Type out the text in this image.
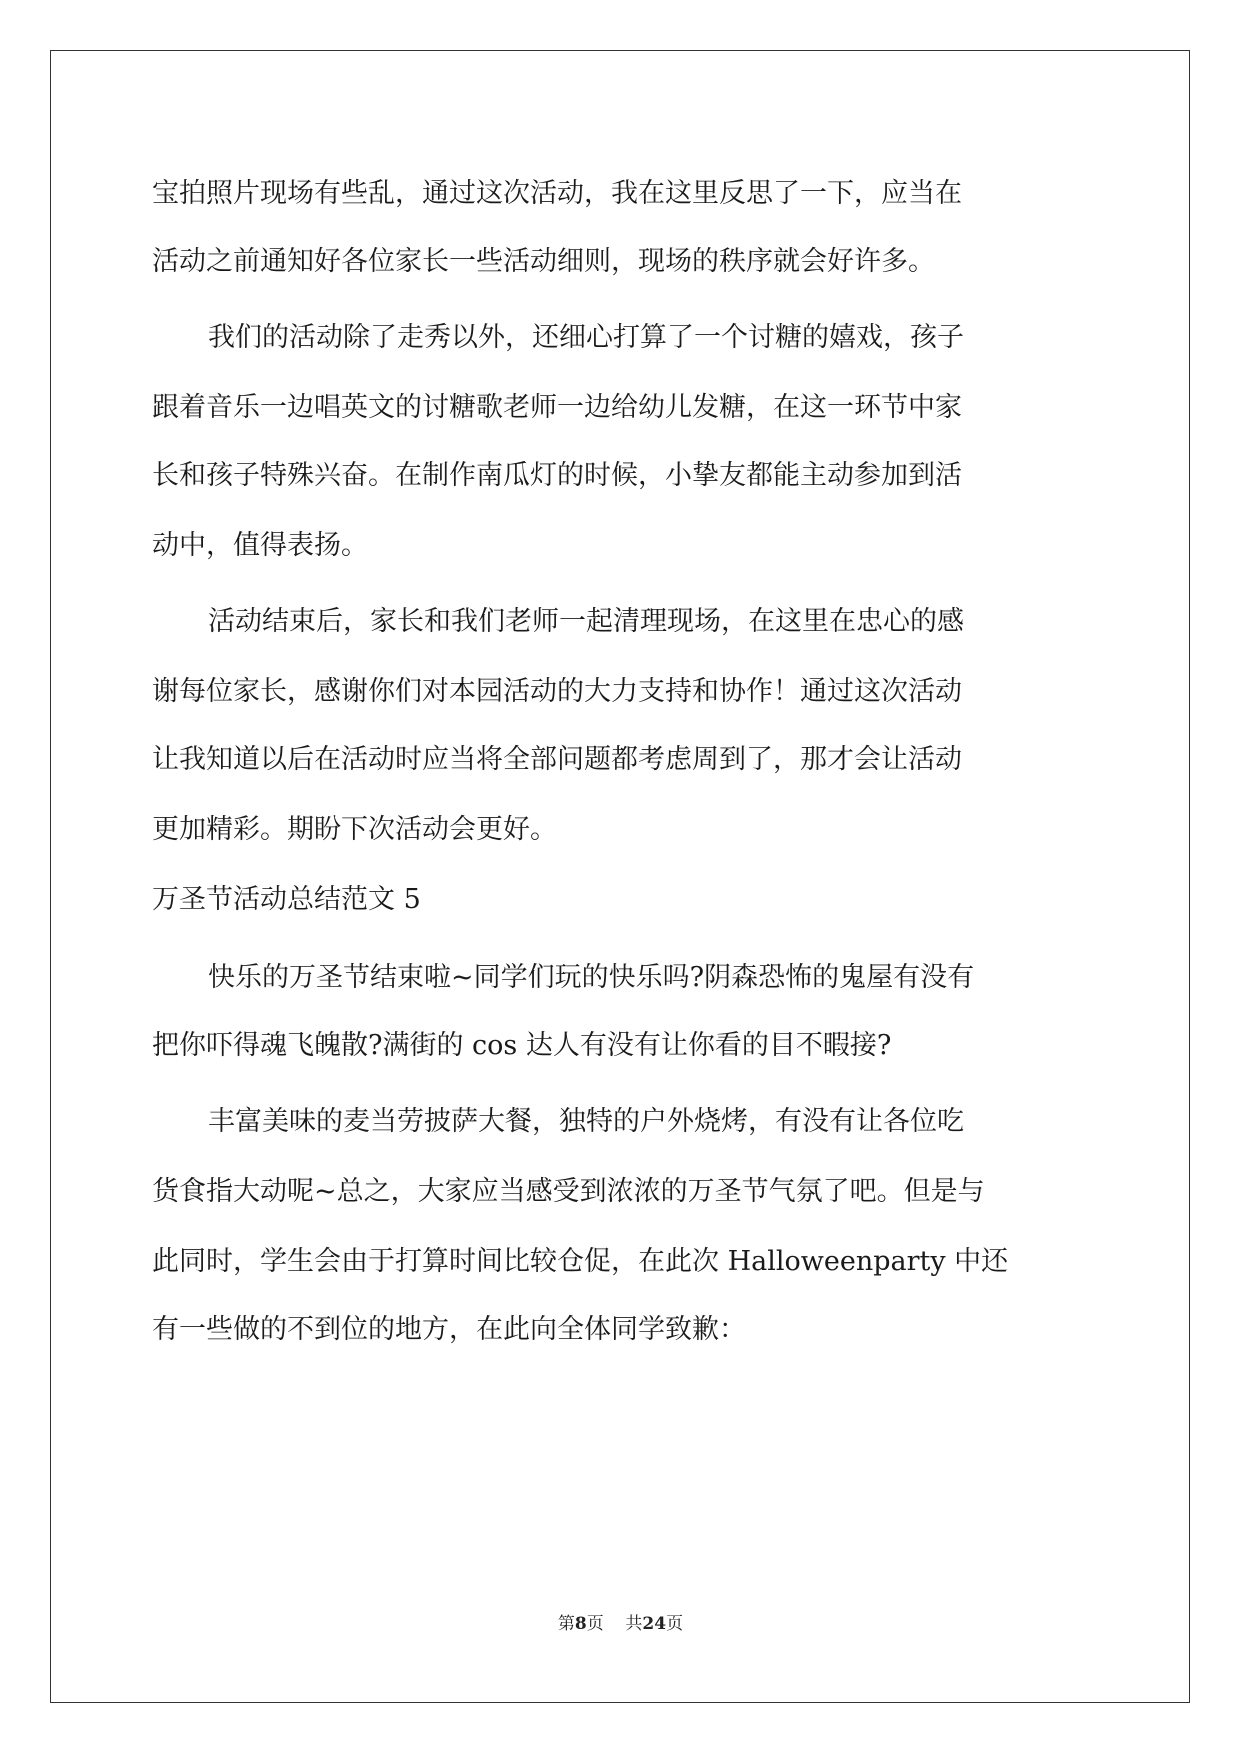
宝拍照片现场有些乱，通过这次活动，我在这里反思了一下，应当在
活动之前通知好各位家长一些活动细则，现场的秩序就会好许多。
我们的活动除了走秀以外，还细心打算了一个讨糖的嬉戏，孩子
跟着音乐一边唱英文的讨糖歌老师一边给幼儿发糖，在这一环节中家
长和孩子特殊兴奋。在制作南瓜灯的时候，小挚友都能主动参加到活
动中，值得表扬。
活动结束后，家长和我们老师一起清理现场，在这里在忠心的感
谢每位家长，感谢你们对本园活动的大力支持和协作！通过这次活动
让我知道以后在活动时应当将全部问题都考虑周到了，那才会让活动
更加精彩。期盼下次活动会更好。
万圣节活动总结范文 5
快乐的万圣节结束啦~同学们玩的快乐吗?阴森恐怖的鬼屋有没有
把你吓得魂飞魄散?满街的 cos 达人有没有让你看的目不暇接?
丰富美味的麦当劳披萨大餐，独特的户外烧烤，有没有让各位吃
货食指大动呢~总之，大家应当感受到浓浓的万圣节气氛了吧。但是与
此同时，学生会由于打算时间比较仓促，在此次 Halloweenparty 中还
有一些做的不到位的地方，在此向全体同学致歉：
第8页 共24页
